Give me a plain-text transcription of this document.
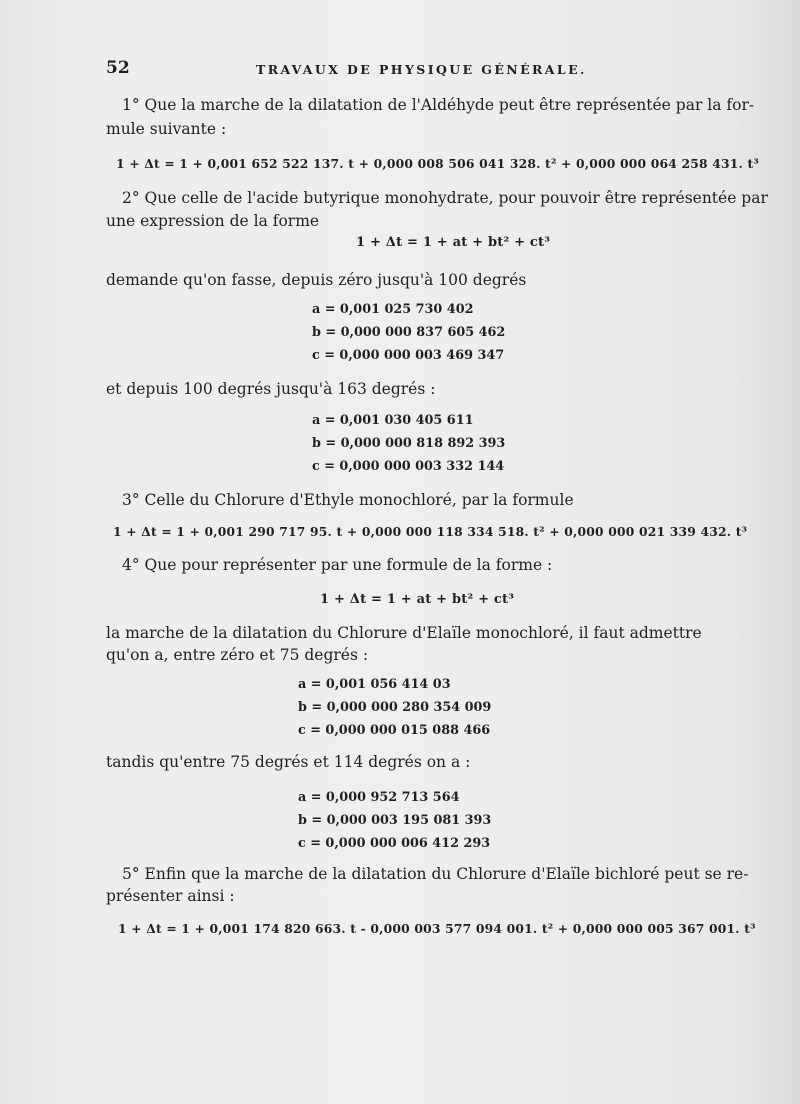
52	TRAVAUX DE PHYSIQUE GÉNÉRALE.
1° Que la marche de la dilatation de l'Aldéhyde peut être représentée par la for-
mule suivante :
1 + Δt = 1 + 0,001 652 522 137. t + 0,000 008 506 041 328. t² + 0,000 000 064 258 431. t³
2° Que celle de l'acide butyrique monohydrate, pour pouvoir être représentée par
une expression de la forme
1 + Δt = 1 + at + bt² + ct³
demande qu'on fasse, depuis zéro jusqu'à 100 degrés
a = 0,001 025 730 402
b = 0,000 000 837 605 462
c = 0,000 000 003 469 347
et depuis 100 degrés jusqu'à 163 degrés :
a = 0,001 030 405 611
b = 0,000 000 818 892 393
c = 0,000 000 003 332 144
3° Celle du Chlorure d'Ethyle monochloré, par la formule
1 + Δt = 1 + 0,001 290 717 95. t + 0,000 000 118 334 518. t² + 0,000 000 021 339 432. t³
4° Que pour représenter par une formule de la forme :
1 + Δt = 1 + at + bt² + ct³
la marche de la dilatation du Chlorure d'Elaïle monochloré, il faut admettre
qu'on a, entre zéro et 75 degrés :
a = 0,001 056 414 03
b = 0,000 000 280 354 009
c = 0,000 000 015 088 466
tandis qu'entre 75 degrés et 114 degrés on a :
a = 0,000 952 713 564
b = 0,000 003 195 081 393
c = 0,000 000 006 412 293
5° Enfin que la marche de la dilatation du Chlorure d'Elaïle bichloré peut se re-
présenter ainsi :
1 + Δt = 1 + 0,001 174 820 663. t - 0,000 003 577 094 001. t² + 0,000 000 005 367 001. t³
